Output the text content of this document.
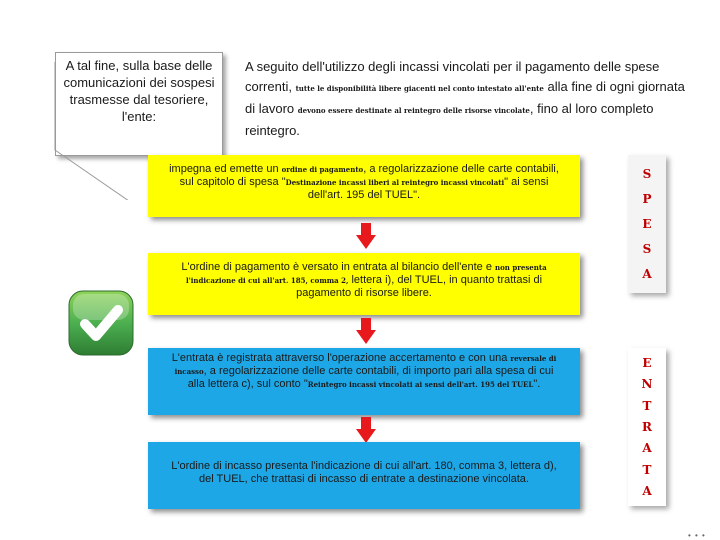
A tal fine, sulla base delle comunicazioni dei sospesi trasmesse dal tesoriere, l'ente:
A seguito dell'utilizzo degli incassi vincolati per il pagamento delle spese correnti, tutte le disponibilità libere giacenti nel conto intestato all'ente alla fine di ogni giornata di lavoro devono essere destinate al reintegro delle risorse vincolate, fino al loro completo reintegro.
impegna ed emette un ordine di pagamento, a regolarizzazione delle carte contabili, sul capitolo di spesa "Destinazione incassi liberi al reintegro incassi vincolati" ai sensi dell'art. 195 del TUEL".
L'ordine di pagamento è versato in entrata al bilancio dell'ente e non presenta l'indicazione di cui all'art. 185, comma 2, lettera i), del TUEL, in quanto trattasi di pagamento di risorse libere.
L'entrata è registrata attraverso l'operazione accertamento e con una reversale di incasso, a regolarizzazione delle carte contabili, di importo pari alla spesa di cui alla lettera c), sul conto "Reintegro incassi vincolati ai sensi dell'art. 195 del TUEL".
L'ordine di incasso presenta l'indicazione di cui all'art. 180, comma 3, lettera d), del TUEL, che trattasi di incasso di entrate a destinazione vincolata.
S
P
E
S
A
E
N
T
R
A
T
A
• • •
